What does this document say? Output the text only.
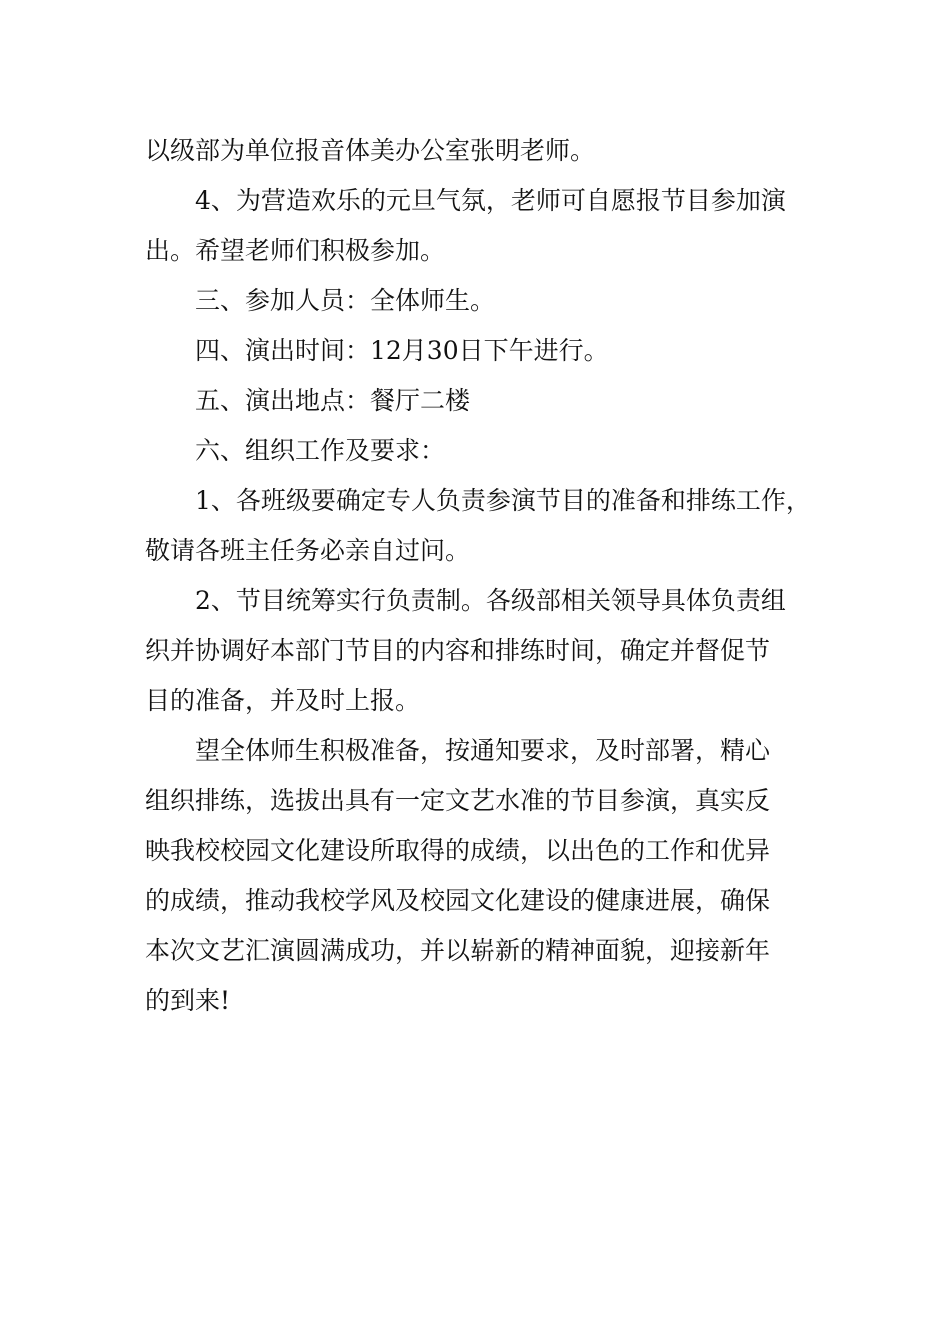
以级部为单位报音体美办公室张明老师。
4、为营造欢乐的元旦气氛，老师可自愿报节目参加演
出。希望老师们积极参加。
三、参加人员：全体师生。
四、演出时间：12月30日下午进行。
五、演出地点：餐厅二楼
六、组织工作及要求：
1、各班级要确定专人负责参演节目的准备和排练工作，
敬请各班主任务必亲自过问。
2、节目统筹实行负责制。各级部相关领导具体负责组
织并协调好本部门节目的内容和排练时间，确定并督促节
目的准备，并及时上报。
望全体师生积极准备，按通知要求，及时部署，精心
组织排练，选拔出具有一定文艺水准的节目参演，真实反
映我校校园文化建设所取得的成绩，以出色的工作和优异
的成绩，推动我校学风及校园文化建设的健康进展，确保
本次文艺汇演圆满成功，并以崭新的精神面貌，迎接新年
的到来!
